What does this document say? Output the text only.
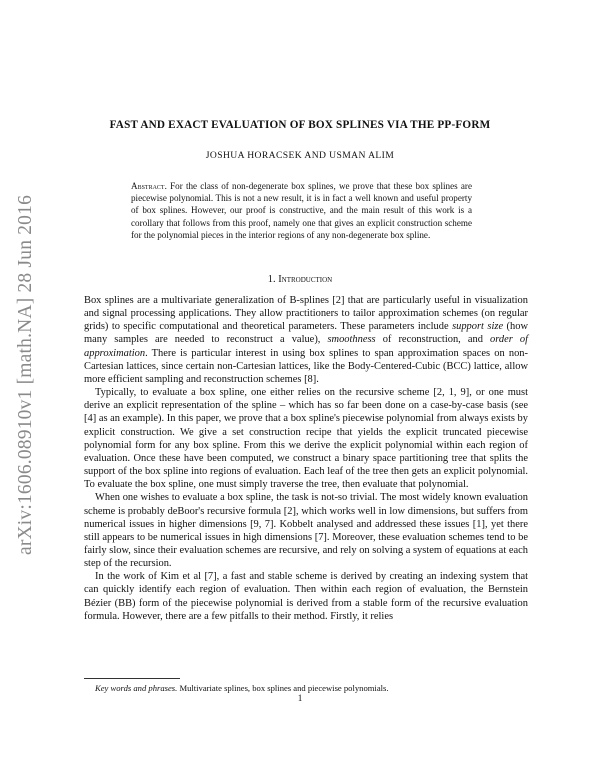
arXiv:1606.08910v1 [math.NA] 28 Jun 2016
FAST AND EXACT EVALUATION OF BOX SPLINES VIA THE PP-FORM
JOSHUA HORACSEK AND USMAN ALIM
Abstract. For the class of non-degenerate box splines, we prove that these box splines are piecewise polynomial. This is not a new result, it is in fact a well known and useful property of box splines. However, our proof is constructive, and the main result of this work is a corollary that follows from this proof, namely one that gives an explicit construction scheme for the polynomial pieces in the interior regions of any non-degenerate box spline.
1. Introduction

Box splines are a multivariate generalization of B-splines [2] that are particularly useful in visualization and signal processing applications. They allow practitioners to tailor approximation schemes (on regular grids) to specific computational and theoretical parameters. These parameters include support size (how many samples are needed to reconstruct a value), smoothness of reconstruction, and order of approximation. There is particular interest in using box splines to span approximation spaces on non-Cartesian lattices, since certain non-Cartesian lattices, like the Body-Centered-Cubic (BCC) lattice, allow more efficient sampling and reconstruction schemes [8].

Typically, to evaluate a box spline, one either relies on the recursive scheme [2, 1, 9], or one must derive an explicit representation of the spline – which has so far been done on a case-by-case basis (see [4] as an example). In this paper, we prove that a box spline's piecewise polynomial from always exists by explicit construction. We give a set construction recipe that yields the explicit truncated piecewise polynomial form for any box spline. From this we derive the explicit polynomial within each region of evaluation. Once these have been computed, we construct a binary space partitioning tree that splits the support of the box spline into regions of evaluation. Each leaf of the tree then gets an explicit polynomial. To evaluate the box spline, one must simply traverse the tree, then evaluate that polynomial.

When one wishes to evaluate a box spline, the task is not-so trivial. The most widely known evaluation scheme is probably deBoor's recursive formula [2], which works well in low dimensions, but suffers from numerical issues in higher dimensions [9, 7]. Kobbelt analysed and addressed these issues [1], yet there still appears to be numerical issues in high dimensions [7]. Moreover, these evaluation schemes tend to be fairly slow, since their evaluation schemes are recursive, and rely on solving a system of equations at each step of the recursion.

In the work of Kim et al [7], a fast and stable scheme is derived by creating an indexing system that can quickly identify each region of evaluation. Then within each region of evaluation, the Bernstein Bézier (BB) form of the piecewise polynomial is derived from a stable form of the recursive evaluation formula. However, there are a few pitfalls to their method. Firstly, it relies

Key words and phrases. Multivariate splines, box splines and piecewise polynomials.
1
